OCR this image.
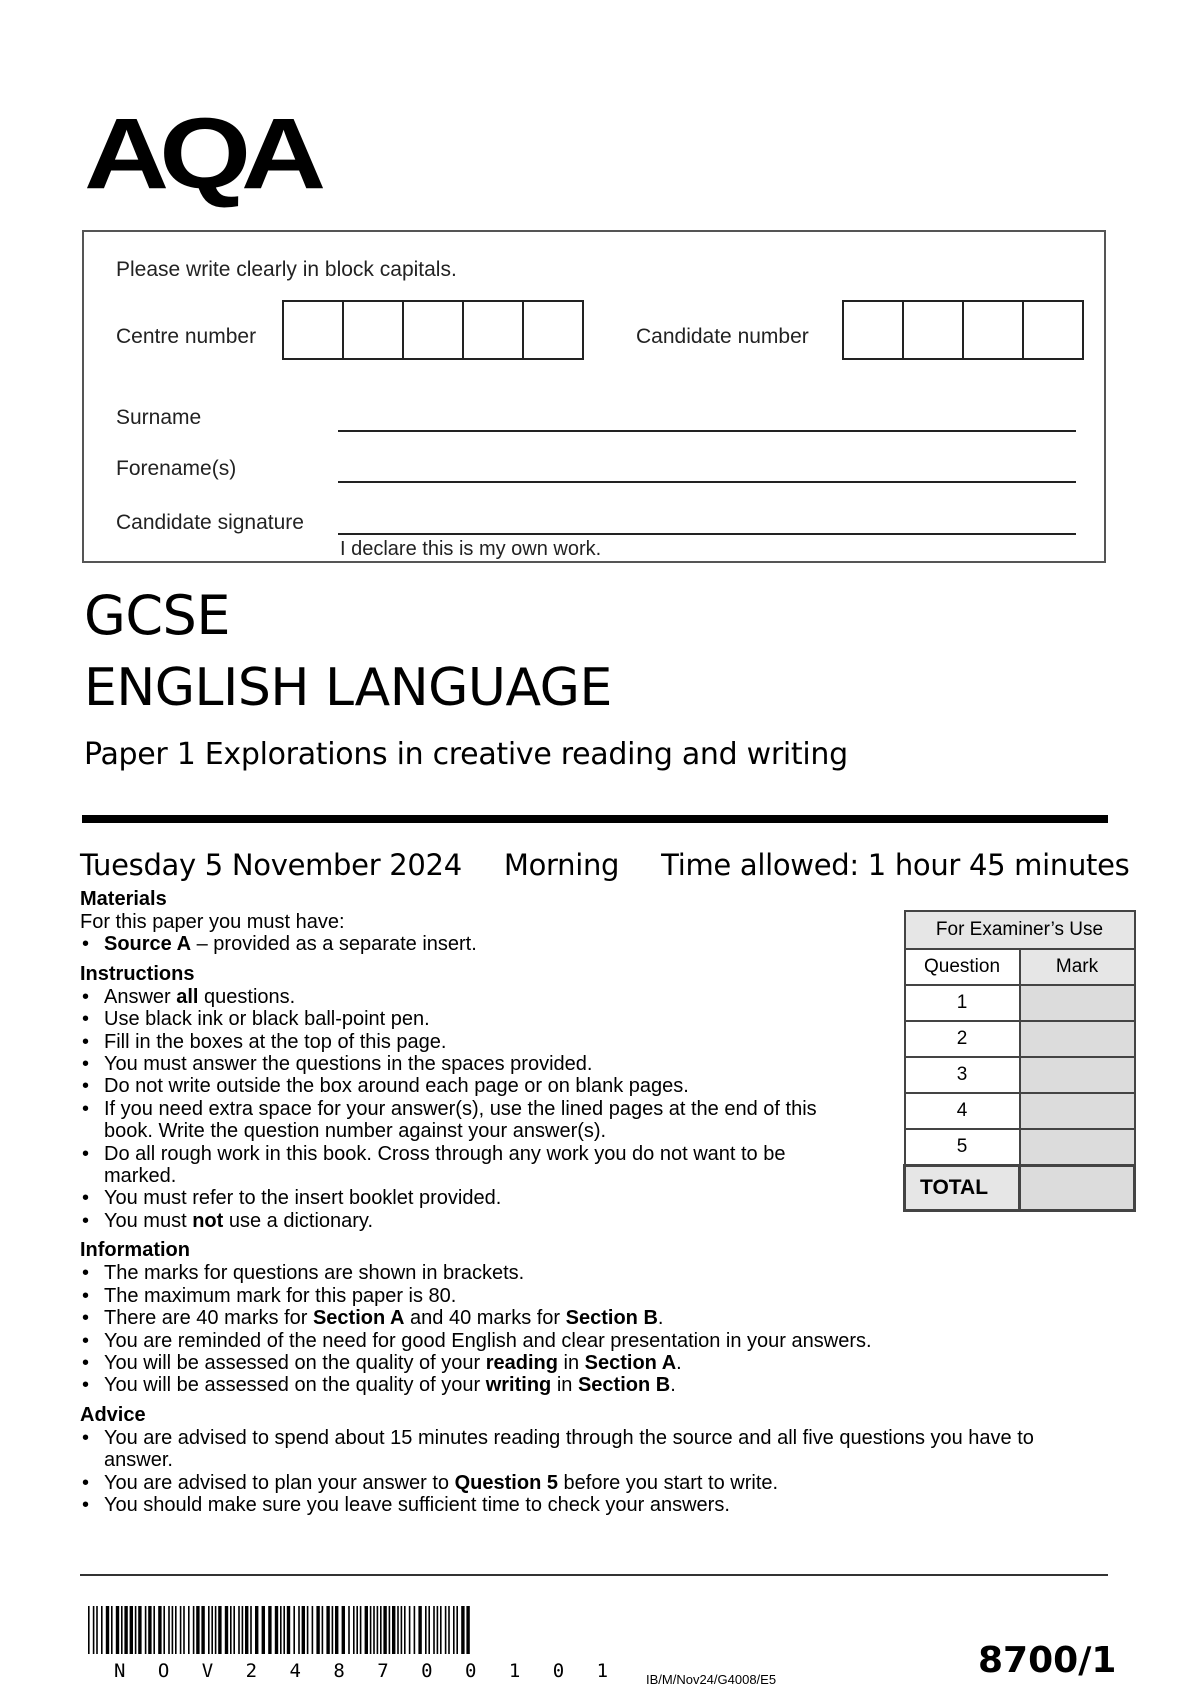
AQA
Please write clearly in block capitals.
Centre number	Candidate number
Surname
Forename(s)
Candidate signature
I declare this is my own work.
GCSE
ENGLISH LANGUAGE
Paper 1 Explorations in creative reading and writing
Tuesday 5 November 2024 Morning Time allowed: 1 hour 45 minutes
Materials

For this paper you must have:

• Source A – provided as a separate insert.
Instructions
• Answer all questions.
• Use black ink or black ball-point pen.
• Fill in the boxes at the top of this page.
• You must answer the questions in the spaces provided.
• Do not write outside the box around each page or on blank pages.
• If you need extra space for your answer(s), use the lined pages at the end of this book. Write the question number against your answer(s).
• Do all rough work in this book. Cross through any work you do not want to be marked.
• You must refer to the insert booklet provided.
• You must not use a dictionary.
Information
• The marks for questions are shown in brackets.
• The maximum mark for this paper is 80.
• There are 40 marks for Section A and 40 marks for Section B.
• You are reminded of the need for good English and clear presentation in your answers.
• You will be assessed on the quality of your reading in Section A.
• You will be assessed on the quality of your writing in Section B.
Advice
• You are advised to spend about 15 minutes reading through the source and all five questions you have to answer.
• You are advised to plan your answer to Question 5 before you start to write.
• You should make sure you leave sufficient time to check your answers.
For Examiner’s Use	
Question	Mark
1	
2	
3	
4	
5	
TOTAL	
N O V 2 4 8 7 0 0 1 0 1 IB/M/Nov24/G4008/E5	8700/1
